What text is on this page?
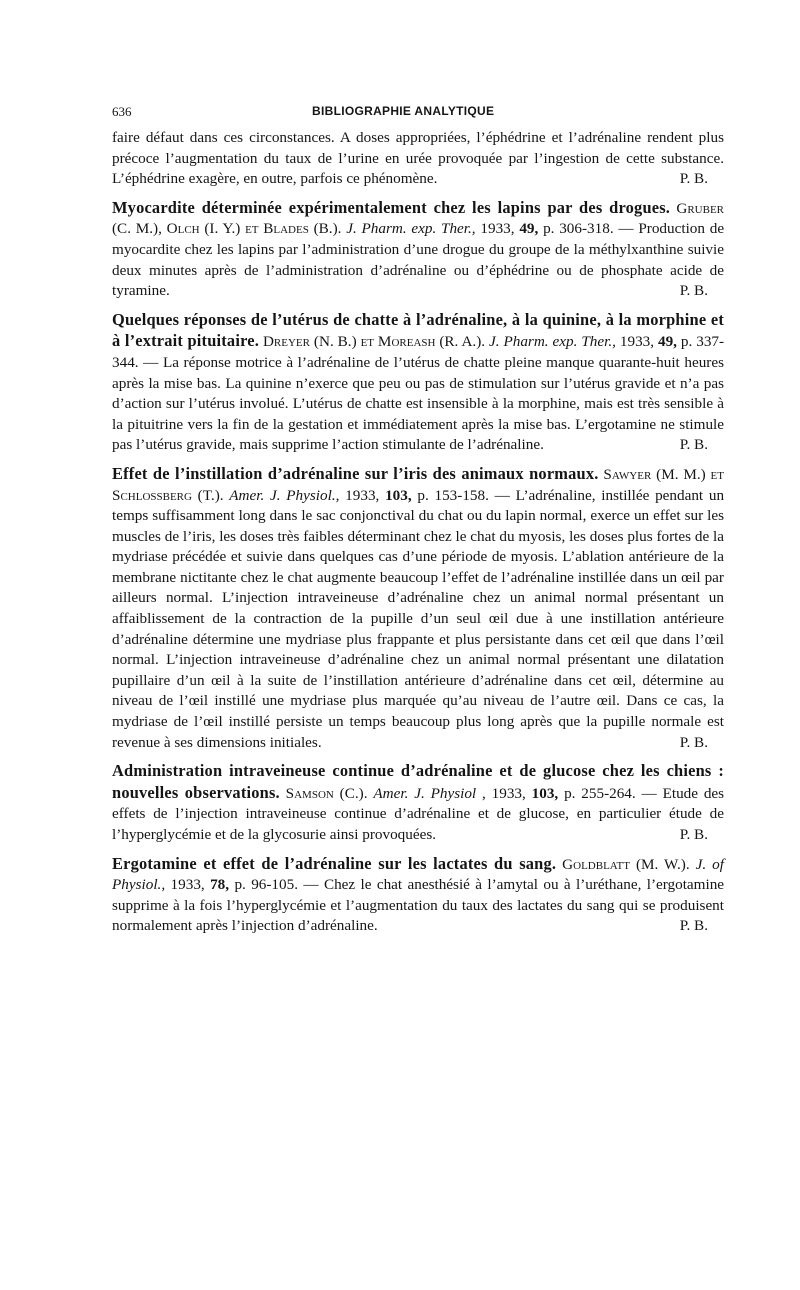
636	BIBLIOGRAPHIE ANALYTIQUE

faire défaut dans ces circonstances. A doses appropriées, l’éphédrine et l’adrénaline rendent plus précoce l’augmentation du taux de l’urine en urée provoquée par l’ingestion de cette substance. L’éphédrine exagère, en outre, parfois ce phénomène.	P. B.

Myocardite déterminée expérimentalement chez les lapins par des drogues. Gruber (C. M.), Olch (I. Y.) et Blades (B.). J. Pharm. exp. Ther., 1933, 49, p. 306-318. — Production de myocardite chez les lapins par l’administration d’une drogue du groupe de la méthylxanthine suivie deux minutes après de l’administration d’adrénaline ou d’éphédrine ou de phosphate acide de tyramine.	P. B.

Quelques réponses de l’utérus de chatte à l’adrénaline, à la quinine, à la morphine et à l’extrait pituitaire. Dreyer (N. B.) et Moreash (R. A.). J. Pharm. exp. Ther., 1933, 49, p. 337-344. — La réponse motrice à l’adrénaline de l’utérus de chatte pleine manque quarante-huit heures après la mise bas. La quinine n’exerce que peu ou pas de stimulation sur l’utérus gravide et n’a pas d’action sur l’utérus involué. L’utérus de chatte est insensible à la morphine, mais est très sensible à la pituitrine vers la fin de la gestation et immédiatement après la mise bas. L’ergotamine ne stimule pas l’utérus gravide, mais supprime l’action stimulante de l’adrénaline.	P. B.

Effet de l’instillation d’adrénaline sur l’iris des animaux normaux. Sawyer (M. M.) et Schlossberg (T.). Amer. J. Physiol., 1933, 103, p. 153-158. — L’adrénaline, instillée pendant un temps suffisamment long dans le sac conjonctival du chat ou du lapin normal, exerce un effet sur les muscles de l’iris, les doses très faibles déterminant chez le chat du myosis, les doses plus fortes de la mydriase précédée et suivie dans quelques cas d’une période de myosis. L’ablation antérieure de la membrane nictitante chez le chat augmente beaucoup l’effet de l’adrénaline instillée dans un œil par ailleurs normal. L’injection intraveineuse d’adrénaline chez un animal normal présentant un affaiblissement de la contraction de la pupille d’un seul œil due à une instillation antérieure d’adrénaline détermine une mydriase plus frappante et plus persistante dans cet œil que dans l’œil normal. L’injection intraveineuse d’adrénaline chez un animal normal présentant une dilatation pupillaire d’un œil à la suite de l’instillation antérieure d’adrénaline dans cet œil, détermine au niveau de l’œil instillé une mydriase plus marquée qu’au niveau de l’autre œil. Dans ce cas, la mydriase de l’œil instillé persiste un temps beaucoup plus long après que la pupille normale est revenue à ses dimensions initiales.	P. B.

Administration intraveineuse continue d’adrénaline et de glucose chez les chiens : nouvelles observations. Samson (C.). Amer. J. Physiol , 1933, 103, p. 255-264. — Etude des effets de l’injection intraveineuse continue d’adrénaline et de glucose, en particulier étude de l’hyperglycémie et de la glycosurie ainsi provoquées.	P. B.

Ergotamine et effet de l’adrénaline sur les lactates du sang. Goldblatt (M. W.). J. of Physiol., 1933, 78, p. 96-105. — Chez le chat anesthésié à l’amytal ou à l’uréthane, l’ergotamine supprime à la fois l’hyperglycémie et l’augmentation du taux des lactates du sang qui se produisent normalement après l’injection d’adrénaline.	P. B.
